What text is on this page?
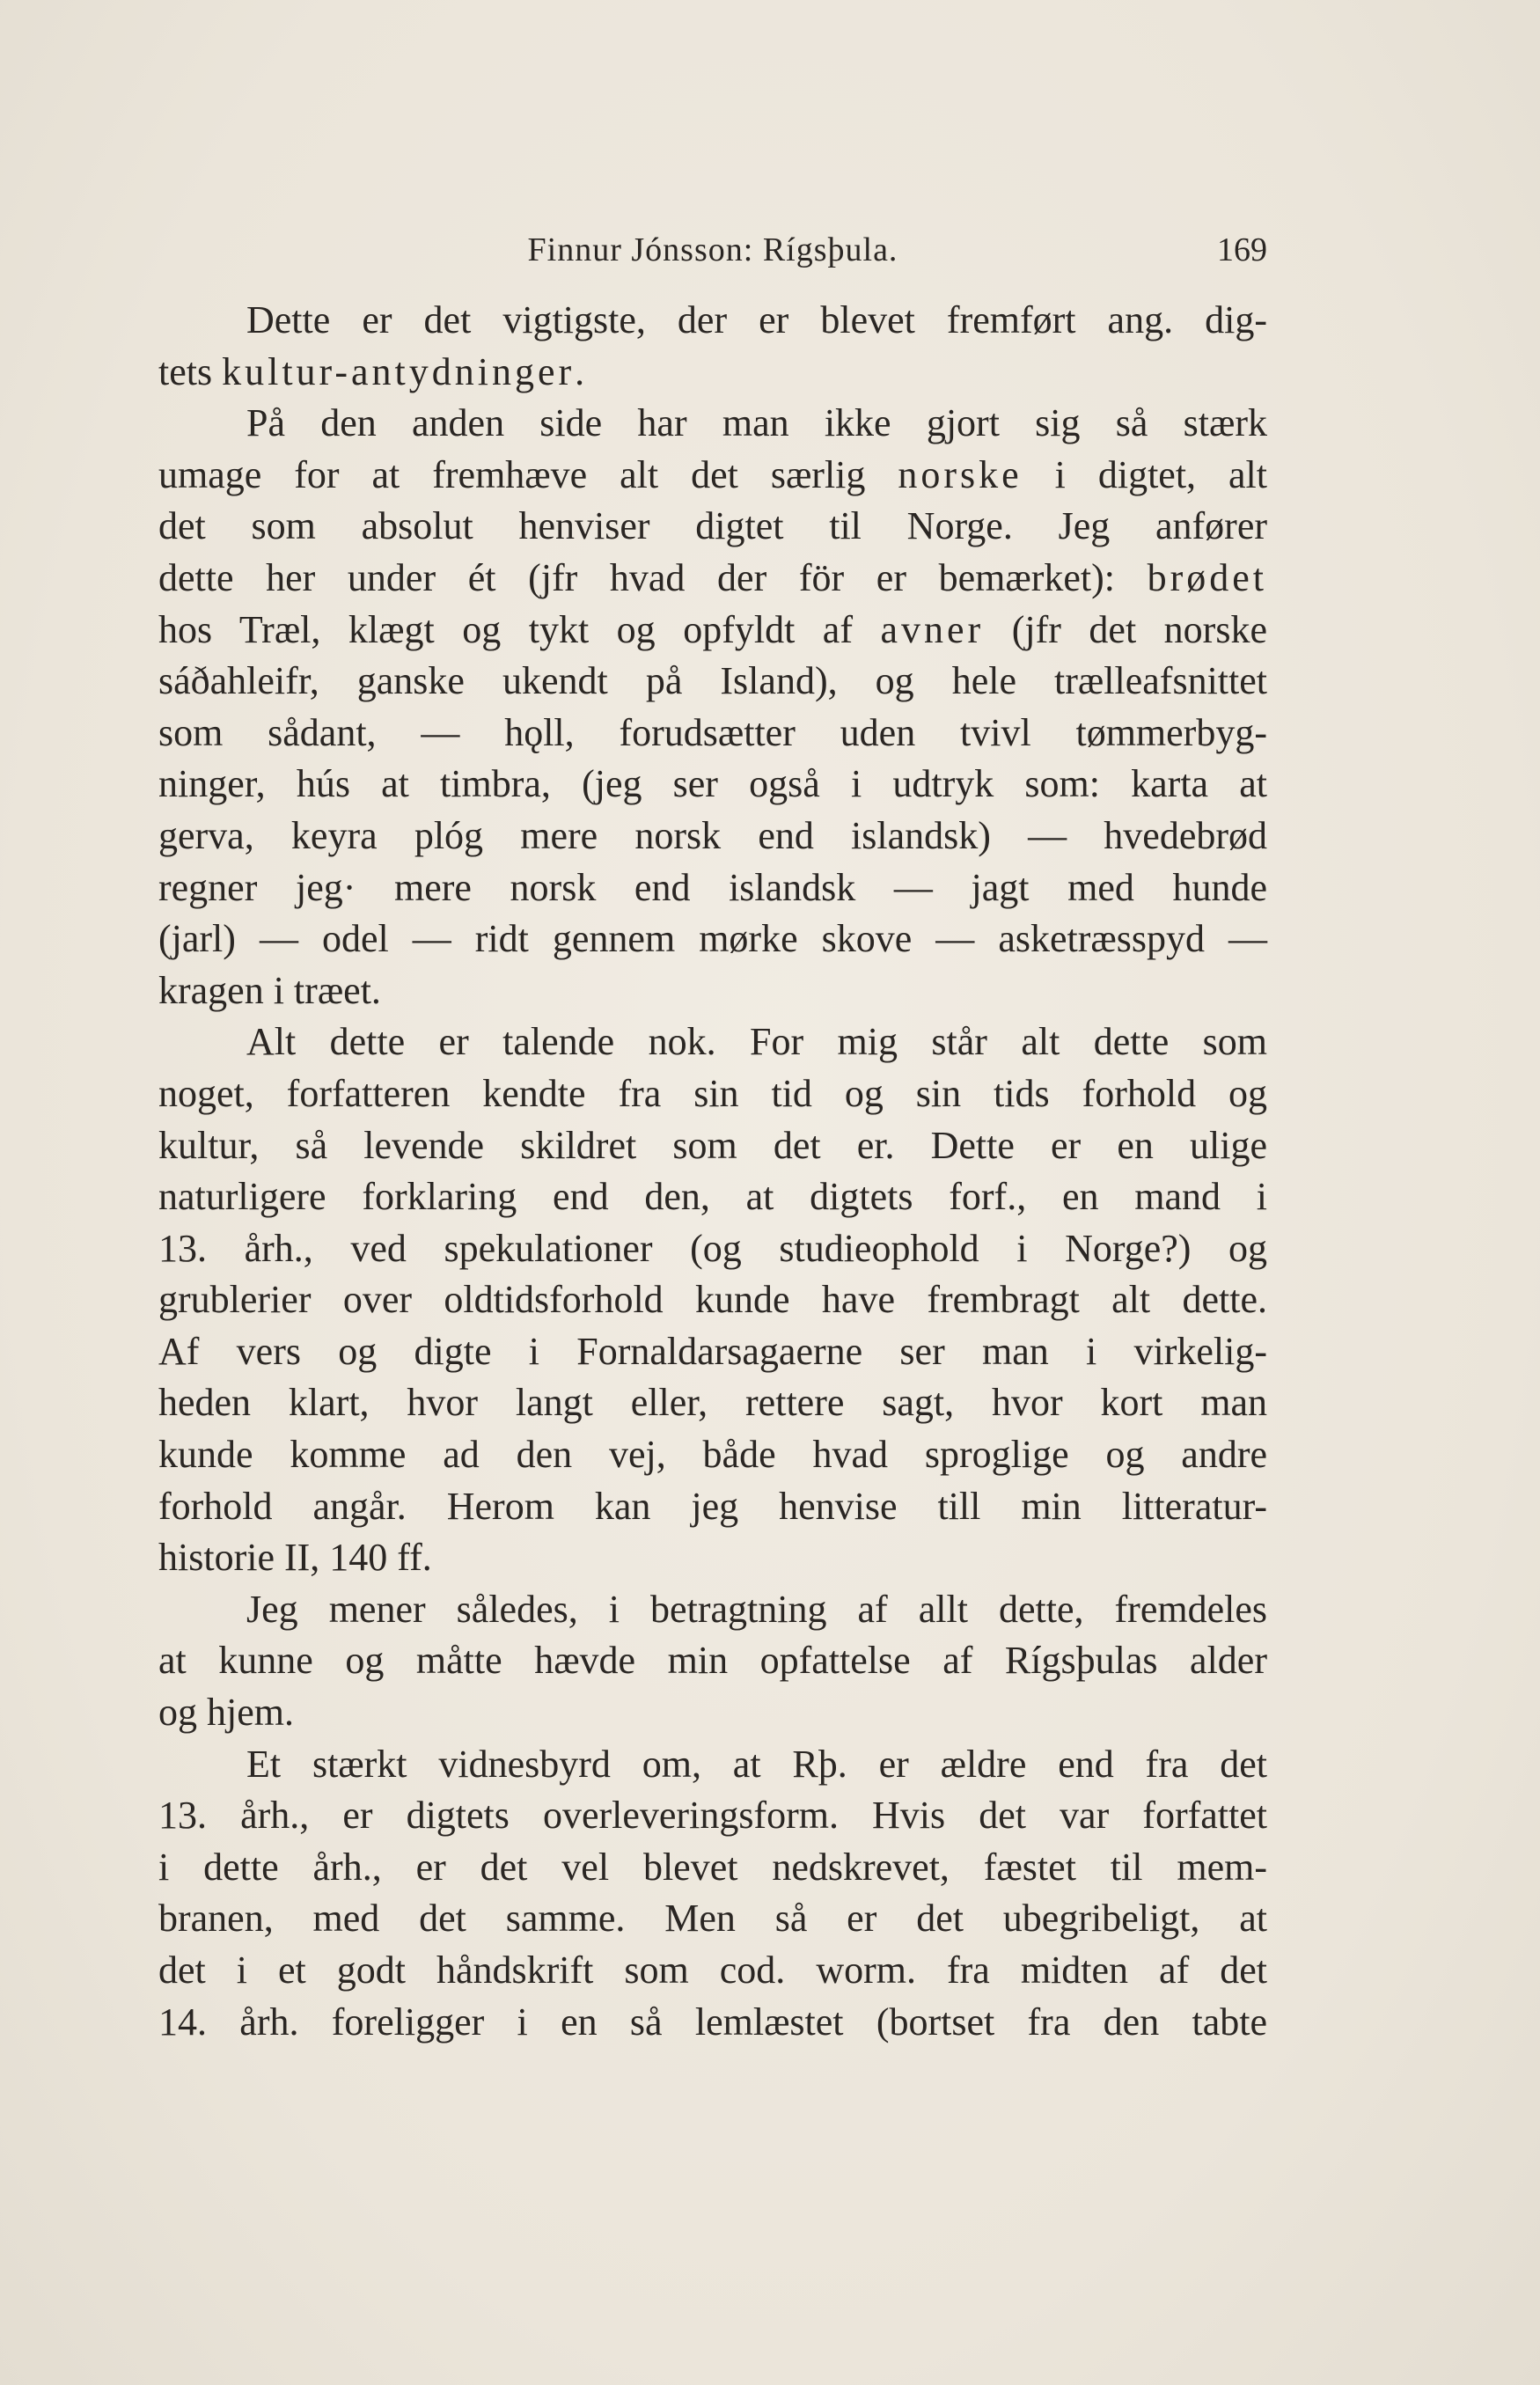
Finnur Jónsson: Rígsþula.	169
Dette er det vigtigste, der er blevet fremført ang. dig-
tets kultur-antydninger.
På den anden side har man ikke gjort sig så stærk
umage for at fremhæve alt det særlig norske i digtet, alt
det som absolut henviser digtet til Norge. Jeg anfører
dette her under ét (jfr hvad der för er bemærket): brødet
hos Træl, klægt og tykt og opfyldt af avner (jfr det norske
sáðahleifr, ganske ukendt på Island), og hele trælleafsnittet
som sådant, — hǫll, forudsætter uden tvivl tømmerbyg-
ninger, hús at timbra, (jeg ser også i udtryk som: karta at
gerva, keyra plóg mere norsk end islandsk) — hvedebrød
regner jeg· mere norsk end islandsk — jagt med hunde
(jarl) — odel — ridt gennem mørke skove — asketræsspyd —
kragen i træet.
Alt dette er talende nok. For mig står alt dette som
noget, forfatteren kendte fra sin tid og sin tids forhold og
kultur, så levende skildret som det er. Dette er en ulige
naturligere forklaring end den, at digtets forf., en mand i
13. årh., ved spekulationer (og studieophold i Norge?) og
grublerier over oldtidsforhold kunde have frembragt alt dette.
Af vers og digte i Fornaldarsagaerne ser man i virkelig-
heden klart, hvor langt eller, rettere sagt, hvor kort man
kunde komme ad den vej, både hvad sproglige og andre
forhold angår. Herom kan jeg henvise till min litteratur-
historie II, 140 ff.
Jeg mener således, i betragtning af allt dette, fremdeles
at kunne og måtte hævde min opfattelse af Rígsþulas alder
og hjem.
Et stærkt vidnesbyrd om, at Rþ. er ældre end fra det
13. årh., er digtets overleveringsform. Hvis det var forfattet
i dette årh., er det vel blevet nedskrevet, fæstet til mem-
branen, med det samme. Men så er det ubegribeligt, at
det i et godt håndskrift som cod. worm. fra midten af det
14. årh. foreligger i en så lemlæstet (bortset fra den tabte
